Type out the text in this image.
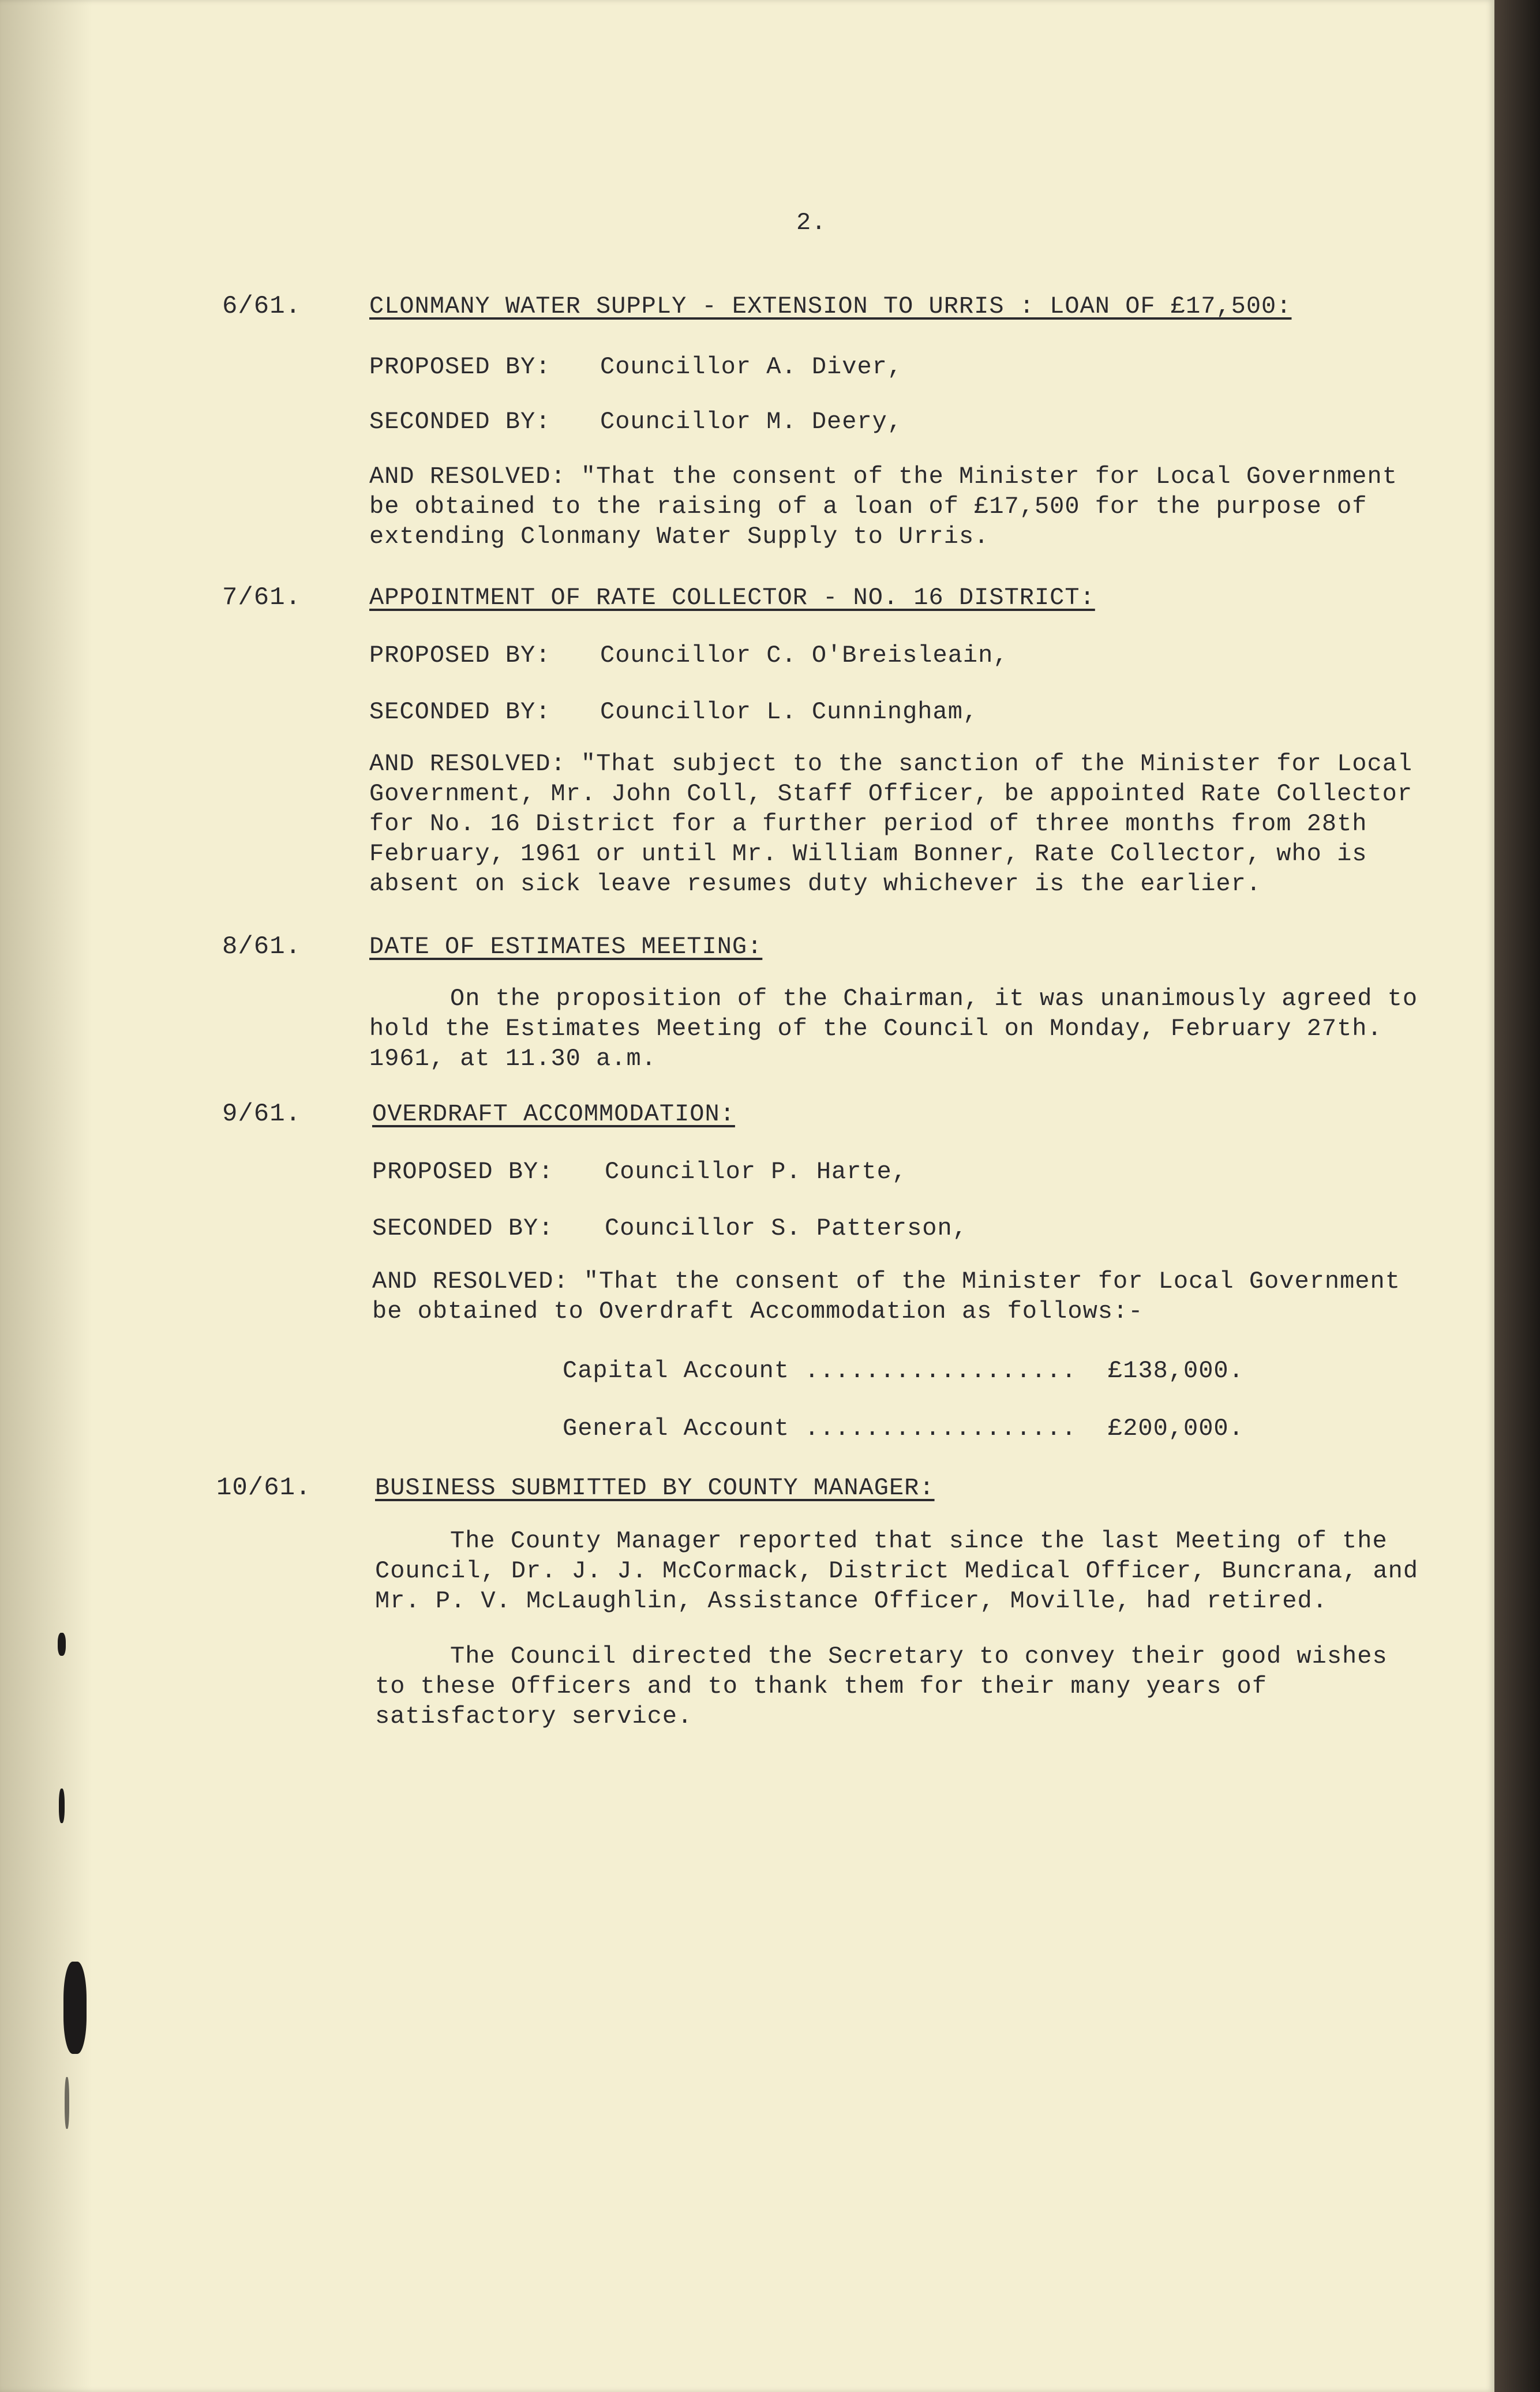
2.
6/61.	CLONMANY WATER SUPPLY - EXTENSION TO URRIS : LOAN OF £17,500:
PROPOSED BY: Councillor A. Diver,
SECONDED BY: Councillor M. Deery,
AND RESOLVED: "That the consent of the Minister for Local Government be obtained to the raising of a loan of £17,500 for the purpose of extending Clonmany Water Supply to Urris.
7/61.	APPOINTMENT OF RATE COLLECTOR - NO. 16 DISTRICT:
PROPOSED BY: Councillor C. O'Breisleain,
SECONDED BY: Councillor L. Cunningham,
AND RESOLVED: "That subject to the sanction of the Minister for Local Government, Mr. John Coll, Staff Officer, be appointed Rate Collector for No. 16 District for a further period of three months from 28th February, 1961 or until Mr. William Bonner, Rate Collector, who is absent on sick leave resumes duty whichever is the earlier.
8/61.	DATE OF ESTIMATES MEETING:
On the proposition of the Chairman, it was unanimously agreed to hold the Estimates Meeting of the Council on Monday, February 27th. 1961, at 11.30 a.m.
9/61.	OVERDRAFT ACCOMMODATION:
PROPOSED BY: Councillor P. Harte,
SECONDED BY: Councillor S. Patterson,
AND RESOLVED: "That the consent of the Minister for Local Government be obtained to Overdraft Accommodation as follows:-
Capital Account .................. £138,000.
General Account .................. £200,000.
10/61.	BUSINESS SUBMITTED BY COUNTY MANAGER:
The County Manager reported that since the last Meeting of the Council, Dr. J. J. McCormack, District Medical Officer, Buncrana, and Mr. P. V. McLaughlin, Assistance Officer, Moville, had retired.
The Council directed the Secretary to convey their good wishes to these Officers and to thank them for their many years of satisfactory service.
